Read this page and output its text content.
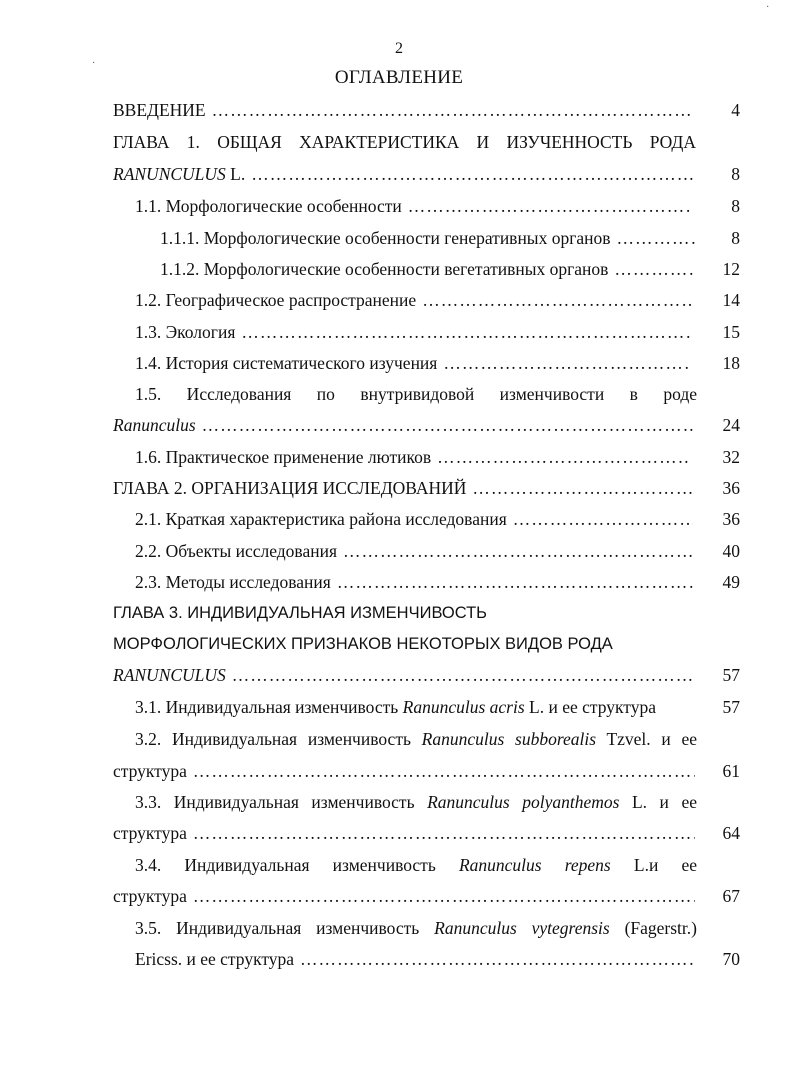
·
·
2
ОГЛАВЛЕНИЕ
ВВЕДЕНИЕ ………………………………………………………………………………………………………………………………………………………………	4
ГЛАВА 1. ОБЩАЯ ХАРАКТЕРИСТИКА И ИЗУЧЕННОСТЬ РОДА
RANUNCULUS L. ………………………………………………………………………………………………………………………………………………………………	8
1.1. Морфологические особенности ………………………………………………………………………………………………………………………………………………………………	8
1.1.1. Морфологические особенности генеративных органов ………………………………………………………………………………………………………………………………………………………………	8
1.1.2. Морфологические особенности вегетативных органов ………………………………………………………………………………………………………………………………………………………………	12
1.2. Географическое распространение ………………………………………………………………………………………………………………………………………………………………	14
1.3. Экология ………………………………………………………………………………………………………………………………………………………………	15
1.4. История систематического изучения ………………………………………………………………………………………………………………………………………………………………	18
1.5. Исследования по внутривидовой изменчивости в роде
Ranunculus ………………………………………………………………………………………………………………………………………………………………	24
1.6. Практическое применение лютиков ………………………………………………………………………………………………………………………………………………………………	32
ГЛАВА 2. ОРГАНИЗАЦИЯ ИССЛЕДОВАНИЙ ………………………………………………………………………………………………………………………………………………………………	36
2.1. Краткая характеристика района исследования ………………………………………………………………………………………………………………………………………………………………	36
2.2. Объекты исследования ………………………………………………………………………………………………………………………………………………………………	40
2.3. Методы исследования ………………………………………………………………………………………………………………………………………………………………	49
ГЛАВА 3. ИНДИВИДУАЛЬНАЯ ИЗМЕНЧИВОСТЬ
МОРФОЛОГИЧЕСКИХ ПРИЗНАКОВ НЕКОТОРЫХ ВИДОВ РОДА
RANUNCULUS ………………………………………………………………………………………………………………………………………………………………	57
3.1. Индивидуальная изменчивость Ranunculus acris L. и ее структура	57
3.2. Индивидуальная изменчивость Ranunculus subborealis Tzvel. и ее
структура ………………………………………………………………………………………………………………………………………………………………	61
3.3. Индивидуальная изменчивость Ranunculus polyanthemos L. и ее
структура ………………………………………………………………………………………………………………………………………………………………	64
3.4. Индивидуальная изменчивость Ranunculus repens L.и ее
структура ………………………………………………………………………………………………………………………………………………………………	67
3.5. Индивидуальная изменчивость Ranunculus vytegrensis (Fagerstr.)
Ericss. и ее структура ………………………………………………………………………………………………………………………………………………………………	70
